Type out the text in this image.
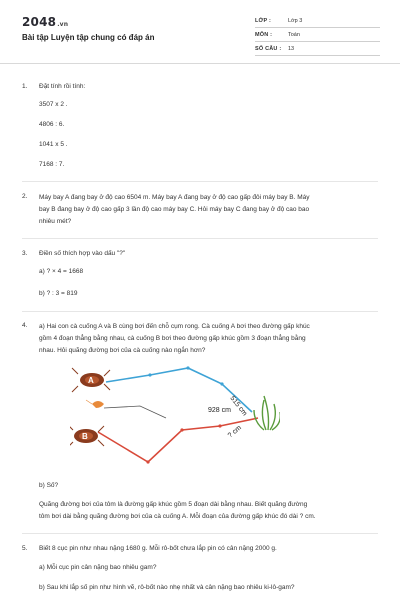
2048.vn
Bài tập Luyện tập chung có đáp án
LỚP :	Lớp 3
MÔN :	Toán
SỐ CÂU : 13
1. Đặt tính rồi tính:
3507 x 2 .
4806 : 6.
1041 x 5 .
7168 : 7.
2. Máy bay A đang bay ở độ cao 6504 m. Máy bay A đang bay ở độ cao gấp đôi máy bay B. Máy
bay B đang bay ở độ cao gấp 3 lần độ cao máy bay C. Hỏi máy bay C đang bay ở độ cao bao
nhiêu mét?
3. Điền số thích hợp vào dấu "?"
a) ? × 4 = 1668
b) ? : 3 = 819
4. a) Hai con cà cuống A và B cùng bơi đến chỗ cụm rong. Cà cuống A bơi theo đường gấp khúc
gồm 4 đoạn thẳng bằng nhau, cà cuống B bơi theo đường gấp khúc gồm 3 đoạn thẳng bằng
nhau. Hỏi quãng đường bơi của cà cuống nào ngắn hơn?
A
B
515 cm
928 cm
? cm
b) Số?
Quãng đường bơi của tôm là đường gấp khúc gồm 5 đoạn dài bằng nhau. Biết quãng đường
tôm bơi dài bằng quãng đường bơi của cà cuống A. Mỗi đoạn của đường gấp khúc đó dài ? cm.
5. Biết 8 cục pin như nhau nặng 1680 g. Mỗi rô-bốt chưa lắp pin có cân nặng 2000 g.
a) Mỗi cục pin cân nặng bao nhiêu gam?
b) Sau khi lắp số pin như hình vẽ, rô-bốt nào nhẹ nhất và cân nặng bao nhiêu ki-lô-gam?
